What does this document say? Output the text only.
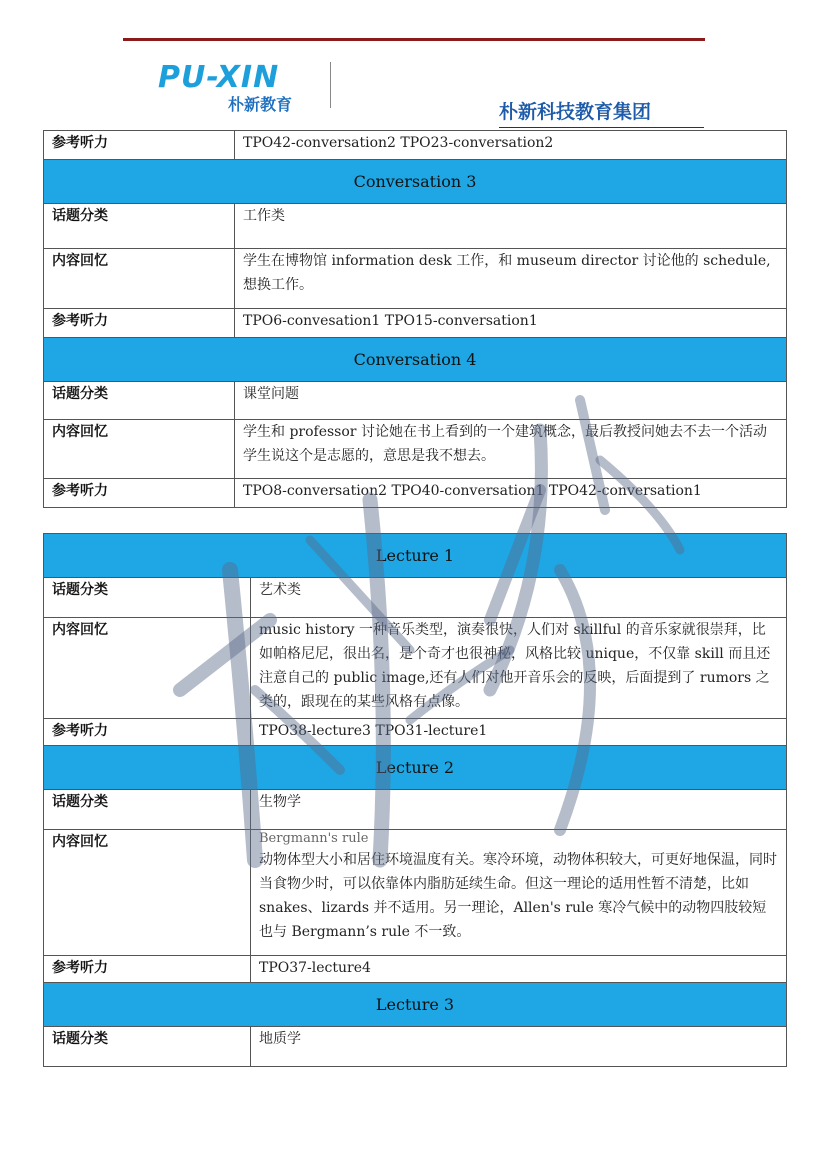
PU-XIN
朴新教育	朴新科技教育集团
参考听力	TPO42-conversation2 TPO23-conversation2
Conversation 3	
话题分类	工作类
内容回忆	学生在博物馆 information desk 工作，和 museum director 讨论他的 schedule,想换工作。
参考听力	TPO6-convesation1 TPO15-conversation1
Conversation 4	
话题分类	课堂问题
内容回忆	学生和 professor 讨论她在书上看到的一个建筑概念，最后教授问她去不去一个活动学生说这个是志愿的，意思是我不想去。
参考听力	TPO8-conversation2 TPO40-conversation1 TPO42-conversation1
Lecture 1	
话题分类	艺术类
内容回忆	music history 一种音乐类型，演奏很快，人们对 skillful 的音乐家就很崇拜，比如帕格尼尼，很出名，是个奇才也很神秘，风格比较 unique，不仅靠 skill 而且还注意自己的 public image,还有人们对他开音乐会的反映，后面提到了 rumors 之类的，跟现在的某些风格有点像。
参考听力	TPO38-lecture3 TPO31-lecture1
Lecture 2	
话题分类	生物学
内容回忆	Bergmann's rule
动物体型大小和居住环境温度有关。寒冷环境，动物体积较大，可更好地保温，同时当食物少时，可以依靠体内脂肪延续生命。但这一理论的适用性暂不清楚，比如 snakes、lizards 并不适用。另一理论，Allen's rule 寒冷气候中的动物四肢较短也与 Bergmann’s rule 不一致。

参考听力	TPO37-lecture4
Lecture 3	
话题分类	地质学
